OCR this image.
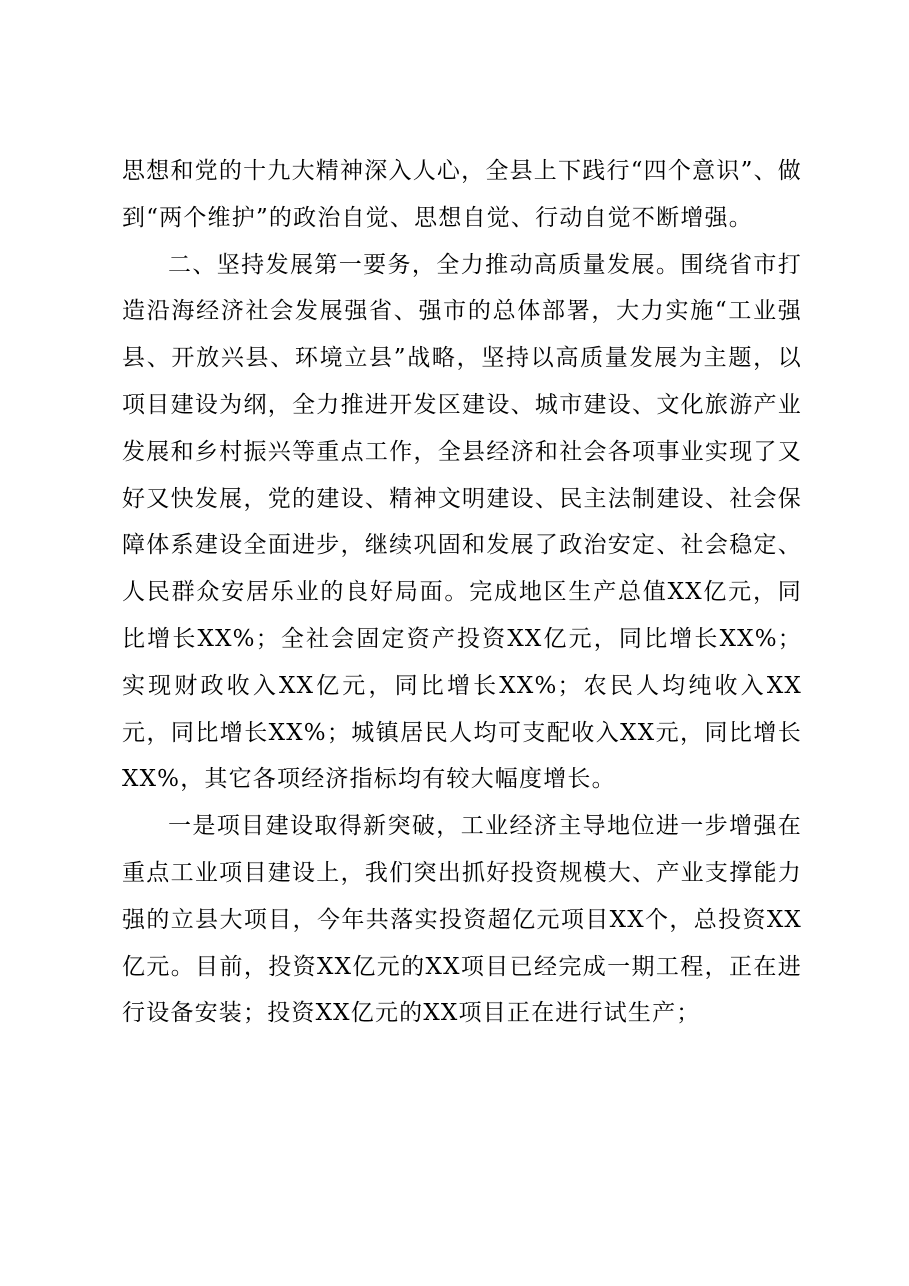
思想和党的十九大精神深入人心，全县上下践行“四个意识”、做到“两个维护”的政治自觉、思想自觉、行动自觉不断增强。

二、坚持发展第一要务，全力推动高质量发展。围绕省市打造沿海经济社会发展强省、强市的总体部署，大力实施“工业强县、开放兴县、环境立县”战略，坚持以高质量发展为主题，以项目建设为纲，全力推进开发区建设、城市建设、文化旅游产业发展和乡村振兴等重点工作，全县经济和社会各项事业实现了又好又快发展，党的建设、精神文明建设、民主法制建设、社会保障体系建设全面进步，继续巩固和发展了政治安定、社会稳定、人民群众安居乐业的良好局面。完成地区生产总值XX亿元，同比增长XX%；全社会固定资产投资XX亿元，同比增长XX%；实现财政收入XX亿元，同比增长XX%；农民人均纯收入XX元，同比增长XX%；城镇居民人均可支配收入XX元，同比增长XX%，其它各项经济指标均有较大幅度增长。

一是项目建设取得新突破，工业经济主导地位进一步增强在重点工业项目建设上，我们突出抓好投资规模大、产业支撑能力强的立县大项目，今年共落实投资超亿元项目XX个，总投资XX亿元。目前，投资XX亿元的XX项目已经完成一期工程，正在进行设备安装；投资XX亿元的XX项目正在进行试生产；
